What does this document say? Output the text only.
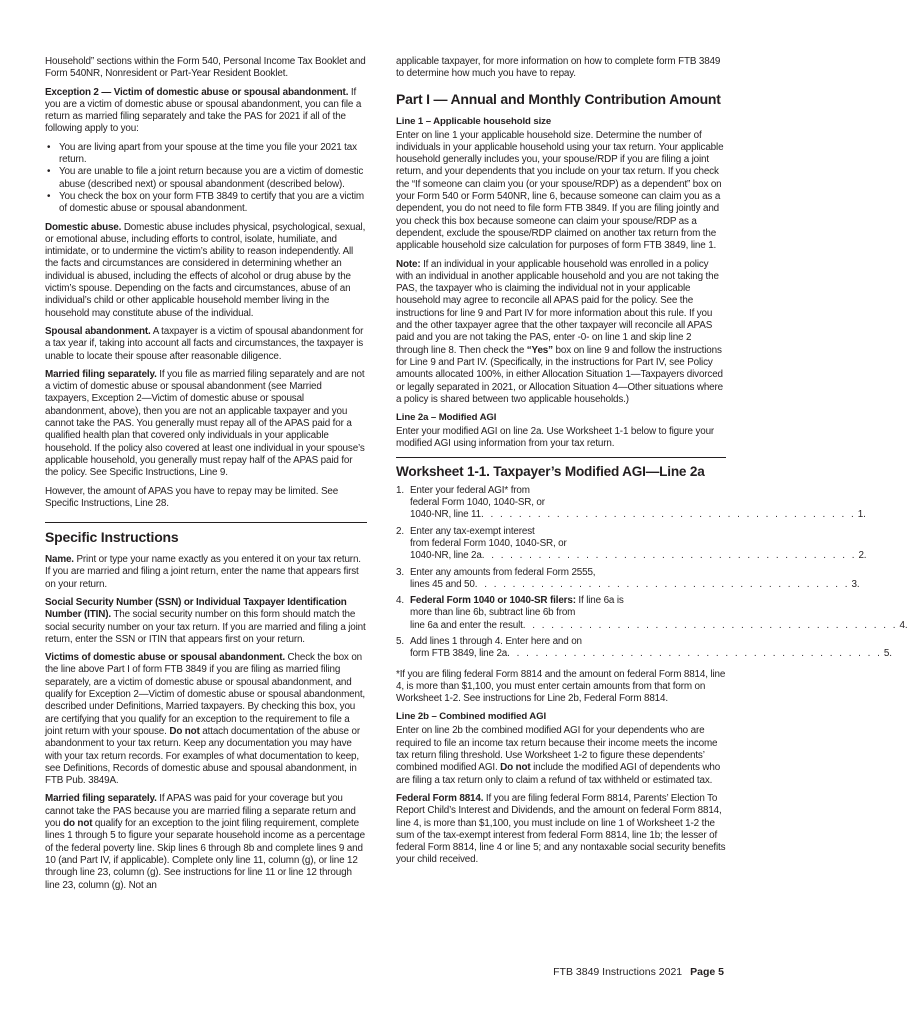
Household” sections within the Form 540, Personal Income Tax Booklet and Form 540NR, Nonresident or Part-Year Resident Booklet.

Exception 2 — Victim of domestic abuse or spousal abandonment. If you are a victim of domestic abuse or spousal abandonment, you can file a return as married filing separately and take the PAS for 2021 if all of the following apply to you:

• You are living apart from your spouse at the time you file your 2021 tax return.
• You are unable to file a joint return because you are a victim of domestic abuse (described next) or spousal abandonment (described below).
• You check the box on your form FTB 3849 to certify that you are a victim of domestic abuse or spousal abandonment.

Domestic abuse. Domestic abuse includes physical, psychological, sexual, or emotional abuse, including efforts to control, isolate, humiliate, and intimidate, or to undermine the victim’s ability to reason independently. All the facts and circumstances are considered in determining whether an individual is abused, including the effects of alcohol or drug abuse by the victim’s spouse. Depending on the facts and circumstances, abuse of an individual’s child or other applicable household member living in the household may constitute abuse of the individual.

Spousal abandonment. A taxpayer is a victim of spousal abandonment for a tax year if, taking into account all facts and circumstances, the taxpayer is unable to locate their spouse after reasonable diligence.

Married filing separately. If you file as married filing separately and are not a victim of domestic abuse or spousal abandonment (see Married taxpayers, Exception 2—Victim of domestic abuse or spousal abandonment, above), then you are not an applicable taxpayer and you cannot take the PAS. You generally must repay all of the APAS paid for a qualified health plan that covered only individuals in your applicable household. If the policy also covered at least one individual in your spouse’s applicable household, you generally must repay half of the APAS paid for the policy. See Specific Instructions, Line 9.

However, the amount of APAS you have to repay may be limited. See Specific Instructions, Line 28.

Specific Instructions

Name. Print or type your name exactly as you entered it on your tax return. If you are married and filing a joint return, enter the name that appears first on your return.

Social Security Number (SSN) or Individual Taxpayer Identification Number (ITIN). The social security number on this form should match the social security number on your tax return. If you are married and filing a joint return, enter the SSN or ITIN that appears first on your return.

Victims of domestic abuse or spousal abandonment. Check the box on the line above Part I of form FTB 3849 if you are filing as married filing separately, are a victim of domestic abuse or spousal abandonment, and qualify for Exception 2—Victim of domestic abuse or spousal abandonment, described under Definitions, Married taxpayers. By checking this box, you are certifying that you qualify for an exception to the requirement to file a joint return with your spouse. Do not attach documentation of the abuse or abandonment to your tax return. Keep any documentation you may have with your tax return records. For examples of what documentation to keep, see Definitions, Records of domestic abuse and spousal abandonment, in FTB Pub. 3849A.

Married filing separately. If APAS was paid for your coverage but you cannot take the PAS because you are married filing a separate return and you do not qualify for an exception to the joint filing requirement, complete lines 1 through 5 to figure your separate household income as a percentage of the federal poverty line. Skip lines 6 through 8b and complete lines 9 and 10 (and Part IV, if applicable). Complete only line 11, column (g), or line 12 through line 23, column (g). See instructions for line 11 or line 12 through line 23, column (g). Not an

applicable taxpayer, for more information on how to complete form FTB 3849 to determine how much you have to repay.

Part I — Annual and Monthly Contribution Amount
Line 1 – Applicable household size

Enter on line 1 your applicable household size. Determine the number of individuals in your applicable household using your tax return. Your applicable household generally includes you, your spouse/RDP if you are filing a joint return, and your dependents that you include on your tax return. If you check the “If someone can claim you (or your spouse/RDP) as a dependent” box on your Form 540 or Form 540NR, line 6, because someone can claim you as a dependent, you do not need to file form FTB 3849. If you are filing jointly and you check this box because someone can claim your spouse/RDP as a dependent, exclude the spouse/RDP claimed on another tax return from the applicable household size calculation for purposes of form FTB 3849, line 1.

Note: If an individual in your applicable household was enrolled in a policy with an individual in another applicable household and you are not taking the PAS, the taxpayer who is claiming the individual not in your applicable household may agree to reconcile all APAS paid for the policy. See the instructions for line 9 and Part IV for more information about this rule. If you and the other taxpayer agree that the other taxpayer will reconcile all APAS paid and you are not taking the PAS, enter -0- on line 1 and skip line 2 through line 8. Then check the “Yes” box on line 9 and follow the instructions for Line 9 and Part IV. (Specifically, in the instructions for Part IV, see Policy amounts allocated 100%, in either Allocation Situation 1—Taxpayers divorced or legally separated in 2021, or Allocation Situation 4—Other situations where a policy is shared between two applicable households.)

Line 2a – Modified AGI

Enter your modified AGI on line 2a. Use Worksheet 1-1 below to figure your modified AGI using information from your tax return.

Worksheet 1-1. Taxpayer’s Modified AGI—Line 2a
1. Enter your federal AGI* from
federal Form 1040, 1040-SR, or
1040-NR, line 11 . . . . . . . . . . . . . . . . . . . . . . . . . . . . . . . . . . . . . . . . 1.
2. Enter any tax-exempt interest
from federal Form 1040, 1040-SR, or
1040-NR, line 2a . . . . . . . . . . . . . . . . . . . . . . . . . . . . . . . . . . . . . . . . 2.
3. Enter any amounts from federal Form 2555,
lines 45 and 50 . . . . . . . . . . . . . . . . . . . . . . . . . . . . . . . . . . . . . . . . 3.
4. Federal Form 1040 or 1040-SR filers: If line 6a is
more than line 6b, subtract line 6b from
line 6a and enter the result . . . . . . . . . . . . . . . . . . . . . . . . . . . . . . . . . . . . . . . . 4.
5. Add lines 1 through 4. Enter here and on
form FTB 3849, line 2a . . . . . . . . . . . . . . . . . . . . . . . . . . . . . . . . . . . . . . . . 5.

*If you are filing federal Form 8814 and the amount on federal Form 8814, line 4, is more than $1,100, you must enter certain amounts from that form on Worksheet 1-2. See instructions for Line 2b, Federal Form 8814.

Line 2b – Combined modified AGI

Enter on line 2b the combined modified AGI for your dependents who are required to file an income tax return because their income meets the income tax return filing threshold. Use Worksheet 1-2 to figure these dependents’ combined modified AGI. Do not include the modified AGI of dependents who are filing a tax return only to claim a refund of tax withheld or estimated tax.

Federal Form 8814. If you are filing federal Form 8814, Parents’ Election To Report Child’s Interest and Dividends, and the amount on federal Form 8814, line 4, is more than $1,100, you must include on line 1 of Worksheet 1-2 the sum of the tax-exempt interest from federal Form 8814, line 1b; the lesser of federal Form 8814, line 4 or line 5; and any nontaxable social security benefits your child received.

FTB 3849 Instructions 2021 Page 5
